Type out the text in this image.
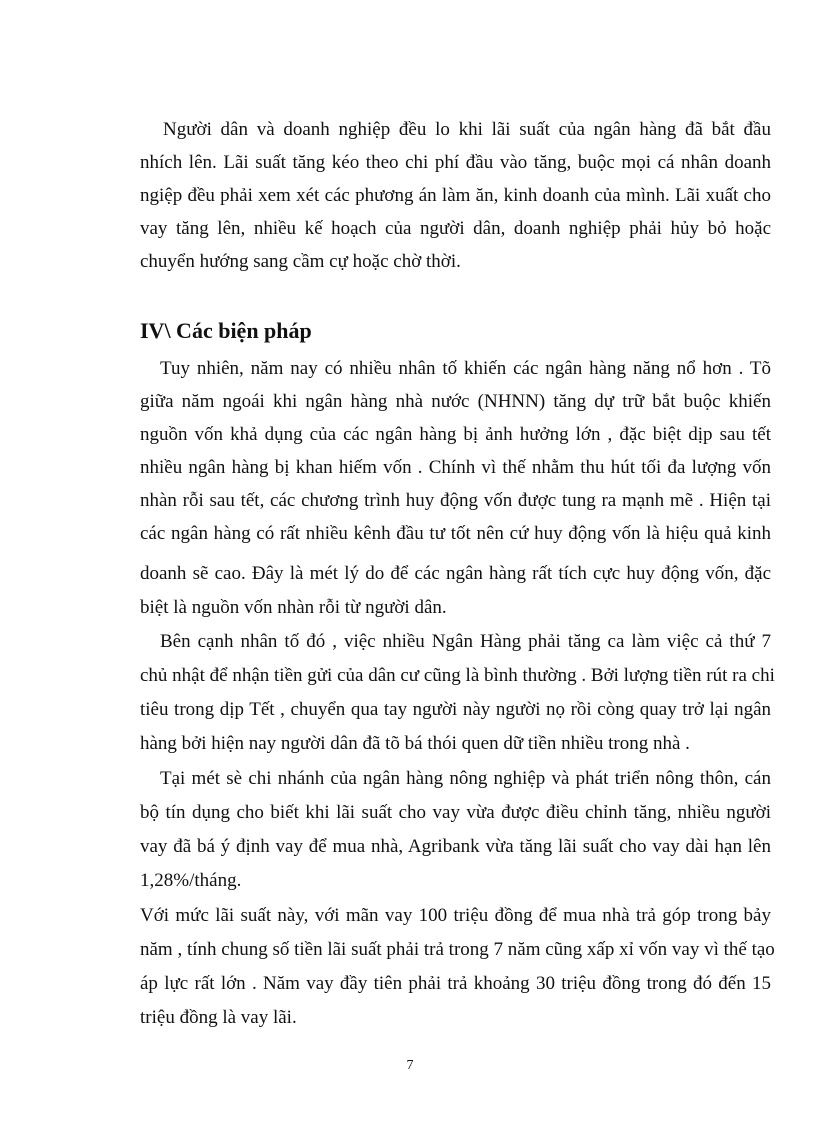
Người dân và doanh nghiệp đều lo khi lãi suất của ngân hàng đã bắt đầu
nhích lên. Lãi suất tăng kéo theo chi phí đầu vào tăng, buộc mọi cá nhân doanh
ngiệp đều phải xem xét các phương án làm ăn, kinh doanh của mình. Lãi xuất cho
vay tăng lên, nhiều kế hoạch của người dân, doanh nghiệp phải hủy bỏ hoặc
chuyển hướng sang cầm cự hoặc chờ thời.
IV\ Các biện pháp
Tuy nhiên, năm nay có nhiều nhân tố khiến các ngân hàng năng nổ hơn . Tõ
giữa năm ngoái khi ngân hàng nhà nước (NHNN) tăng dự trữ bắt buộc khiến
nguồn vốn khả dụng của các ngân hàng bị ảnh hưởng lớn , đặc biệt dịp sau tết
nhiều ngân hàng bị khan hiếm vốn . Chính vì thế nhằm thu hút tối đa lượng vốn
nhàn rỗi sau tết, các chương trình huy động vốn được tung ra mạnh mẽ . Hiện tại
các ngân hàng có rất nhiều kênh đầu tư tốt nên cứ huy động vốn là hiệu quả kinh
doanh sẽ cao. Đây là mét lý do để các ngân hàng rất tích cực huy động vốn, đặc
biệt là nguồn vốn nhàn rỗi từ người dân.
Bên cạnh nhân tố đó , việc nhiều Ngân Hàng phải tăng ca làm việc cả thứ 7
chủ nhật để nhận tiền gửi của dân cư cũng là bình thường . Bởi lượng tiền rút ra chi
tiêu trong dịp Tết , chuyển qua tay người này người nọ rồi còng quay trở lại ngân
hàng bởi hiện nay người dân đã tõ bá thói quen dữ tiền nhiều trong nhà .
Tại mét sè chi nhánh của ngân hàng nông nghiệp và phát triển nông thôn, cán
bộ tín dụng cho biết khi lãi suất cho vay vừa được điều chỉnh tăng, nhiều người
vay đã bá ý định vay để mua nhà, Agribank vừa tăng lãi suất cho vay dài hạn lên
1,28%/tháng.
Với mức lãi suất này, với mãn vay 100 triệu đồng để mua nhà trả góp trong bảy
năm , tính chung số tiền lãi suất phải trả trong 7 năm cũng xấp xỉ vốn vay vì thế tạo
áp lực rất lớn . Năm vay đầy tiên phải trả khoảng 30 triệu đồng trong đó đến 15
triệu đồng là vay lãi.
7
